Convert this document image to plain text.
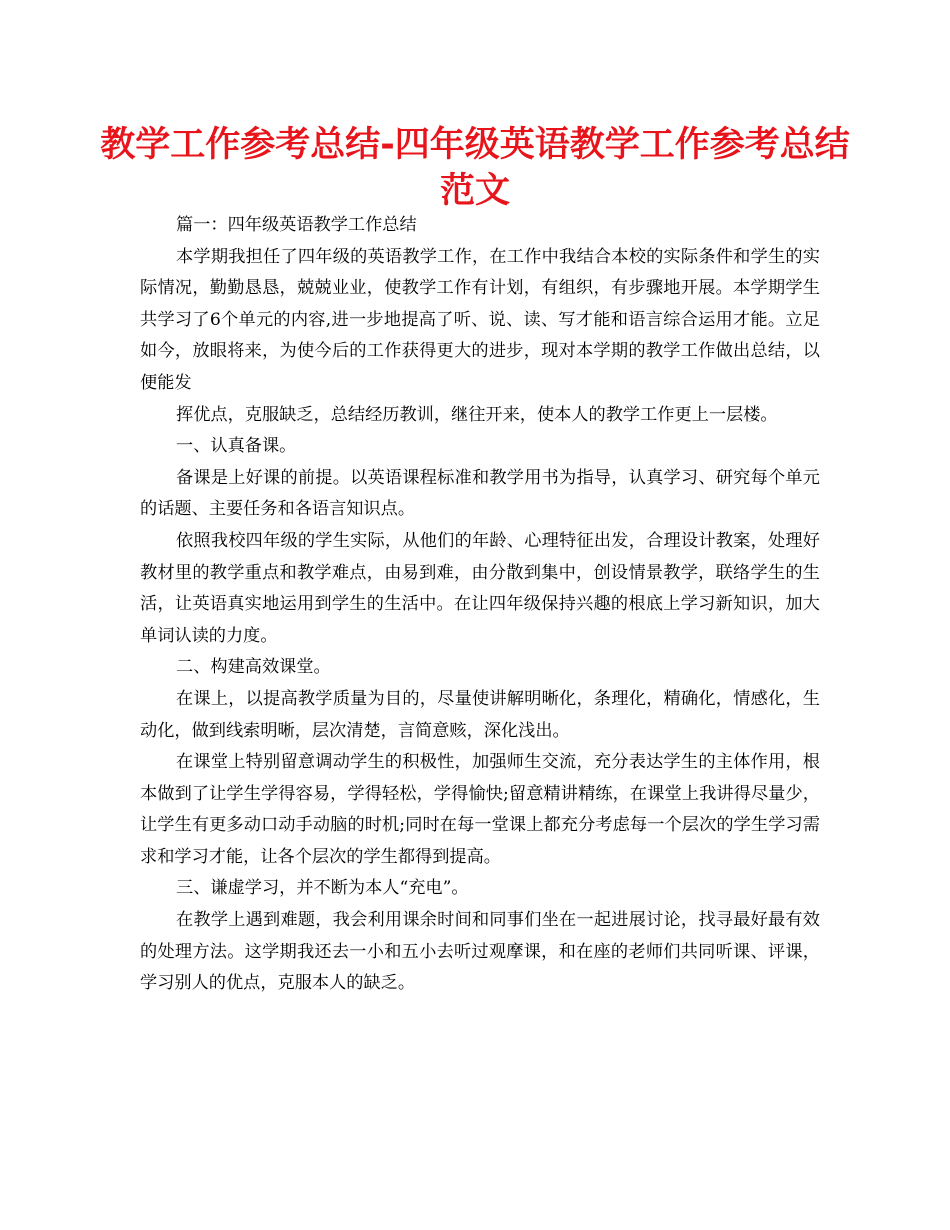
教学工作参考总结-四年级英语教学工作参考总结
范文

篇一：四年级英语教学工作总结

本学期我担任了四年级的英语教学工作，在工作中我结合本校的实际条件和学生的实际情况，勤勤恳恳，兢兢业业，使教学工作有计划，有组织，有步骤地开展。本学期学生共学习了6个单元的内容,进一步地提高了听、说、读、写才能和语言综合运用才能。立足如今，放眼将来，为使今后的工作获得更大的进步，现对本学期的教学工作做出总结，以便能发

挥优点，克服缺乏，总结经历教训，继往开来，使本人的教学工作更上一层楼。

一、认真备课。

备课是上好课的前提。以英语课程标准和教学用书为指导，认真学习、研究每个单元的话题、主要任务和各语言知识点。

依照我校四年级的学生实际，从他们的年龄、心理特征出发，合理设计教案，处理好教材里的教学重点和教学难点，由易到难，由分散到集中，创设情景教学，联络学生的生活，让英语真实地运用到学生的生活中。在让四年级保持兴趣的根底上学习新知识，加大单词认读的力度。

二、构建高效课堂。

在课上，以提高教学质量为目的，尽量使讲解明晰化，条理化，精确化，情感化，生动化，做到线索明晰，层次清楚，言简意赅，深化浅出。

在课堂上特别留意调动学生的积极性，加强师生交流，充分表达学生的主体作用，根本做到了让学生学得容易，学得轻松，学得愉快;留意精讲精练，在课堂上我讲得尽量少，让学生有更多动口动手动脑的时机;同时在每一堂课上都充分考虑每一个层次的学生学习需求和学习才能，让各个层次的学生都得到提高。

三、谦虚学习，并不断为本人“充电”。

在教学上遇到难题，我会利用课余时间和同事们坐在一起进展讨论，找寻最好最有效的处理方法。这学期我还去一小和五小去听过观摩课，和在座的老师们共同听课、评课，学习别人的优点，克服本人的缺乏。
